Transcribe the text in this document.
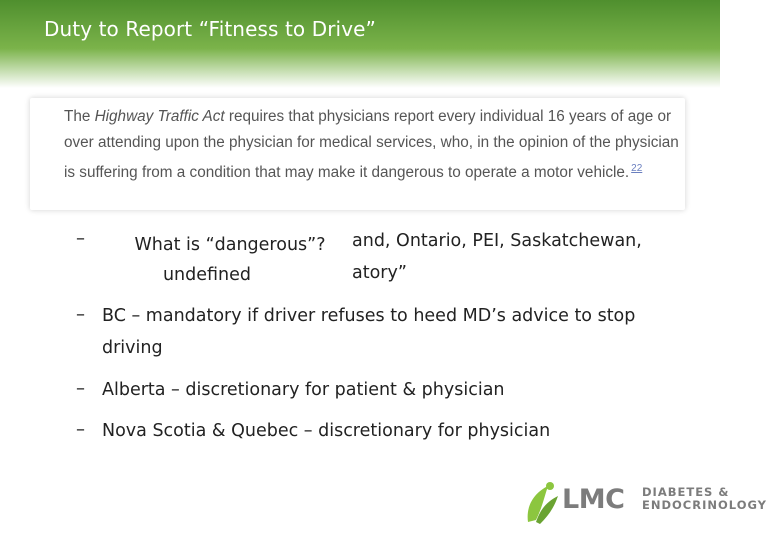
Duty to Report “Fitness to Drive”
The Highway Traffic Act requires that physicians report every individual 16 years of age or over attending upon the physician for medical services, who, in the opinion of the physician is suffering from a condition that may make it dangerous to operate a motor vehicle. $^{22}$
–	and, Ontario, PEI, Saskatchewan,
atory”
What is “dangerous”?
undefined
– BC – mandatory if driver refuses to heed MD’s advice to stop driving
– Alberta – discretionary for patient & physician
– Nova Scotia & Quebec – discretionary for physician
LMC DIABETES &
ENDOCRINOLOGY
